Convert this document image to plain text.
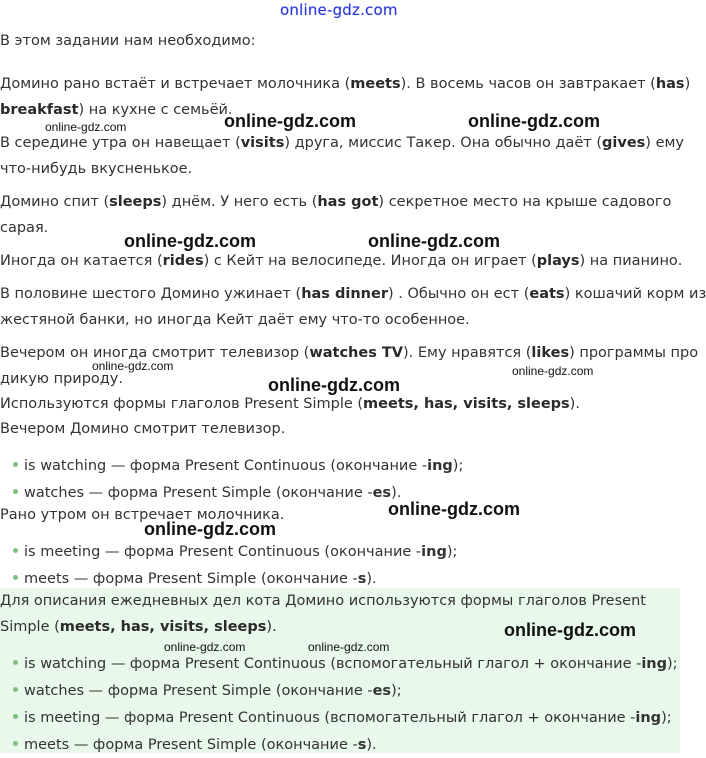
online-gdz.com

В этом задании нам необходимо:

Домино рано встаёт и встречает молочника (meets). В восемь часов он завтракает (has)

breakfast) на кухне с семьёй.

В середине утра он навещает (visits) друга, миссис Такер. Она обычно даёт (gives) ему

что-нибудь вкусненькое.

Домино спит (sleeps) днём. У него есть (has got) секретное место на крыше садового

сарая.

Иногда он катается (rides) с Кейт на велосипеде. Иногда он играет (plays) на пианино.

В половине шестого Домино ужинает (has dinner) . Обычно он ест (eats) кошачий корм из

жестяной банки, но иногда Кейт даёт ему что-то особенное.

Вечером он иногда смотрит телевизор (watches TV). Ему нравятся (likes) программы про

дикую природу.

Используются формы глаголов Present Simple (meets, has, visits, sleeps).

Вечером Домино смотрит телевизор.

is watching — форма Present Continuous (окончание -ing);
watches — форма Present Simple (окончание -es).

Рано утром он встречает молочника.

is meeting — форма Present Continuous (окончание -ing);
meets — форма Present Simple (окончание -s).

Для описания ежедневных дел кота Домино используются формы глаголов Present

Simple (meets, has, visits, sleeps).

is watching — форма Present Continuous (вспомогательный глагол + окончание -ing);
watches — форма Present Simple (окончание -es);
is meeting — форма Present Continuous (вспомогательный глагол + окончание -ing);
meets — форма Present Simple (окончание -s).
online-gdz.com	online-gdz.com	online-gdz.com
online-gdz.com	online-gdz.com
online-gdz.com
online-gdz.com
online-gdz.com
online-gdz.com
online-gdz.com
online-gdz.com
online-gdz.com	online-gdz.com
